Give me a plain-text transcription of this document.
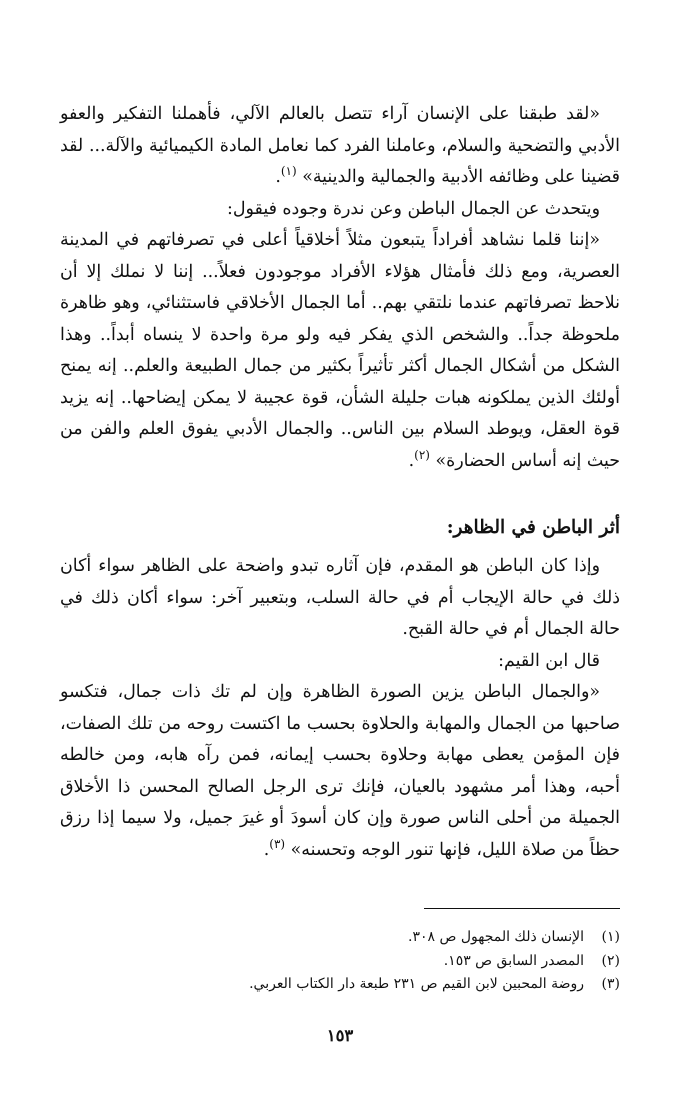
«لقد طبقنا على الإنسان آراء تتصل بالعالم الآلي، فأهملنا التفكير والعفو الأدبي والتضحية والسلام، وعاملنا الفرد كما نعامل المادة الكيميائية والآلة... لقد قضينا على وظائفه الأدبية والجمالية والدينية» $^{(١)}$.

ويتحدث عن الجمال الباطن وعن ندرة وجوده فيقول:

«إننا قلما نشاهد أفراداً يتبعون مثلاً أخلاقياً أعلى في تصرفاتهم في المدينة العصرية، ومع ذلك فأمثال هؤلاء الأفراد موجودون فعلاً... إننا لا نملك إلا أن نلاحظ تصرفاتهم عندما نلتقي بهم.. أما الجمال الأخلاقي فاستثنائي، وهو ظاهرة ملحوظة جداً.. والشخص الذي يفكر فيه ولو مرة واحدة لا ينساه أبداً.. وهذا الشكل من أشكال الجمال أكثر تأثيراً بكثير من جمال الطبيعة والعلم.. إنه يمنح أولئك الذين يملكونه هبات جليلة الشأن، قوة عجيبة لا يمكن إيضاحها.. إنه يزيد قوة العقل، ويوطد السلام بين الناس.. والجمال الأدبي يفوق العلم والفن من حيث إنه أساس الحضارة» $^{(٢)}$.

أثر الباطن في الظاهر:

وإذا كان الباطن هو المقدم، فإن آثاره تبدو واضحة على الظاهر سواء أكان ذلك في حالة الإيجاب أم في حالة السلب، وبتعبير آخر: سواء أكان ذلك في حالة الجمال أم في حالة القبح.

قال ابن القيم:

«والجمال الباطن يزين الصورة الظاهرة وإن لم تك ذات جمال، فتكسو صاحبها من الجمال والمهابة والحلاوة بحسب ما اكتست روحه من تلك الصفات، فإن المؤمن يعطى مهابة وحلاوة بحسب إيمانه، فمن رآه هابه، ومن خالطه أحبه، وهذا أمر مشهود بالعيان، فإنك ترى الرجل الصالح المحسن ذا الأخلاق الجميلة من أحلى الناس صورة وإن كان أسودَ أو غيرَ جميل، ولا سيما إذا رزق حظاً من صلاة الليل، فإنها تنور الوجه وتحسنه» $^{(٣)}$.

(١)
الإنسان ذلك المجهول ص ٣٠٨.
(٢)
المصدر السابق ص ١٥٣.
(٣)
روضة المحبين لابن القيم ص ٢٣١ طبعة دار الكتاب العربي.
١٥٣
